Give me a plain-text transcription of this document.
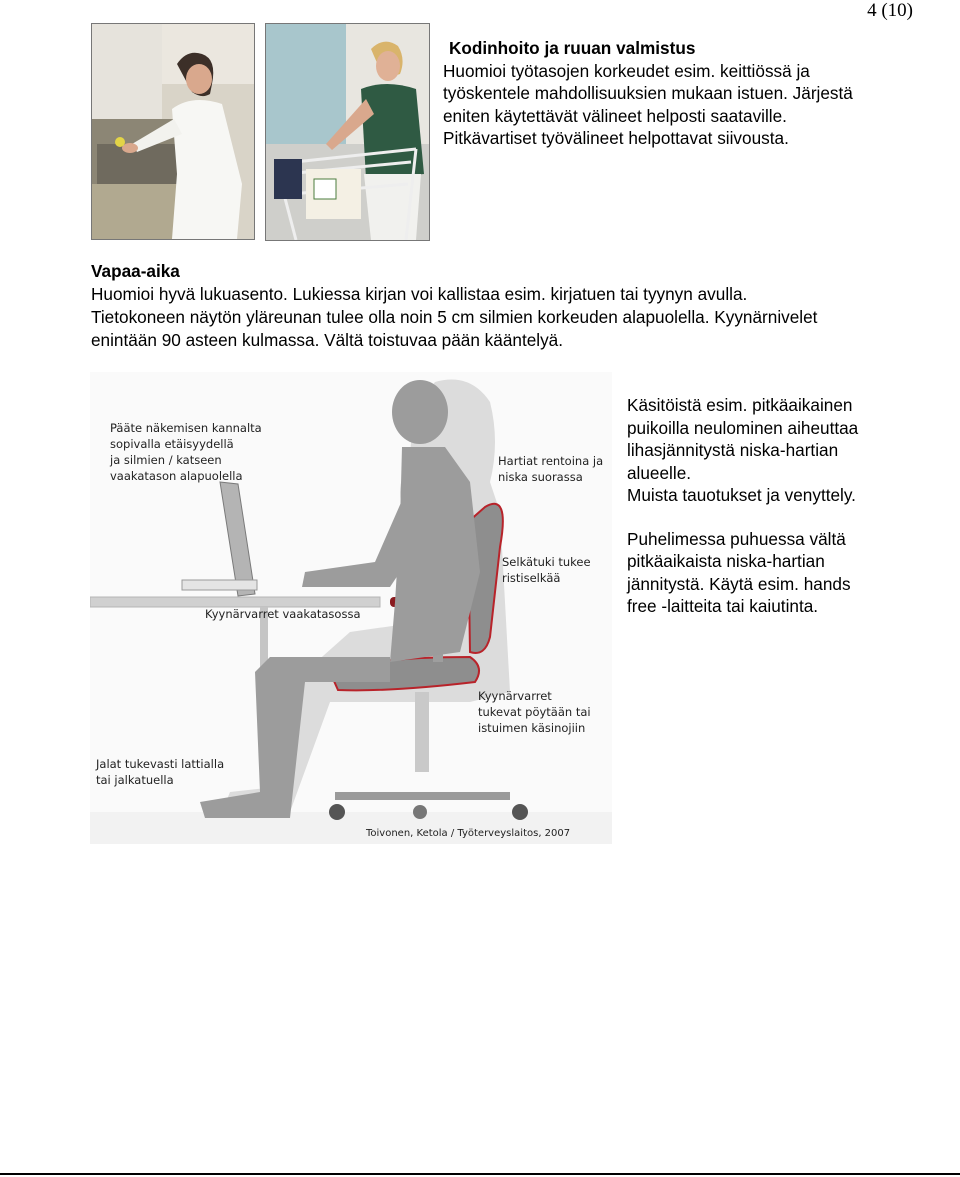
4 (10)
Kodinhoito ja ruuan valmistus
Huomioi työtasojen korkeudet esim. keittiössä ja
työskentele mahdollisuuksien mukaan istuen. Järjestä
eniten käytettävät välineet helposti saataville.
Pitkävartiset työvälineet helpottavat siivousta.
Vapaa-aika
Huomioi hyvä lukuasento. Lukiessa kirjan voi kallistaa esim. kirjatuen tai tyynyn avulla.
Tietokoneen näytön yläreunan tulee olla noin 5 cm silmien korkeuden alapuolella. Kyynärnivelet
enintään 90 asteen kulmassa. Vältä toistuvaa pään kääntelyä.
Pääte näkemisen kannalta
sopivalla etäisyydellä
ja silmien / katseen
vaakatason alapuolella
Hartiat rentoina ja
niska suorassa
Selkätuki tukee
ristiselkää
Kyynärvarret vaakatasossa
Kyynärvarret
tukevat pöytään tai
istuimen käsinojiin
Jalat tukevasti lattialla
tai jalkatuella
Toivonen, Ketola / Työterveyslaitos, 2007

Käsitöistä esim. pitkäaikainen

puikoilla neulominen aiheuttaa

lihasjännitystä niska-hartian

alueelle.

Muista tauotukset ja venyttely.

Puhelimessa puhuessa vältä

pitkäaikaista niska-hartian

jännitystä. Käytä esim. hands

free -laitteita tai kaiutinta.
